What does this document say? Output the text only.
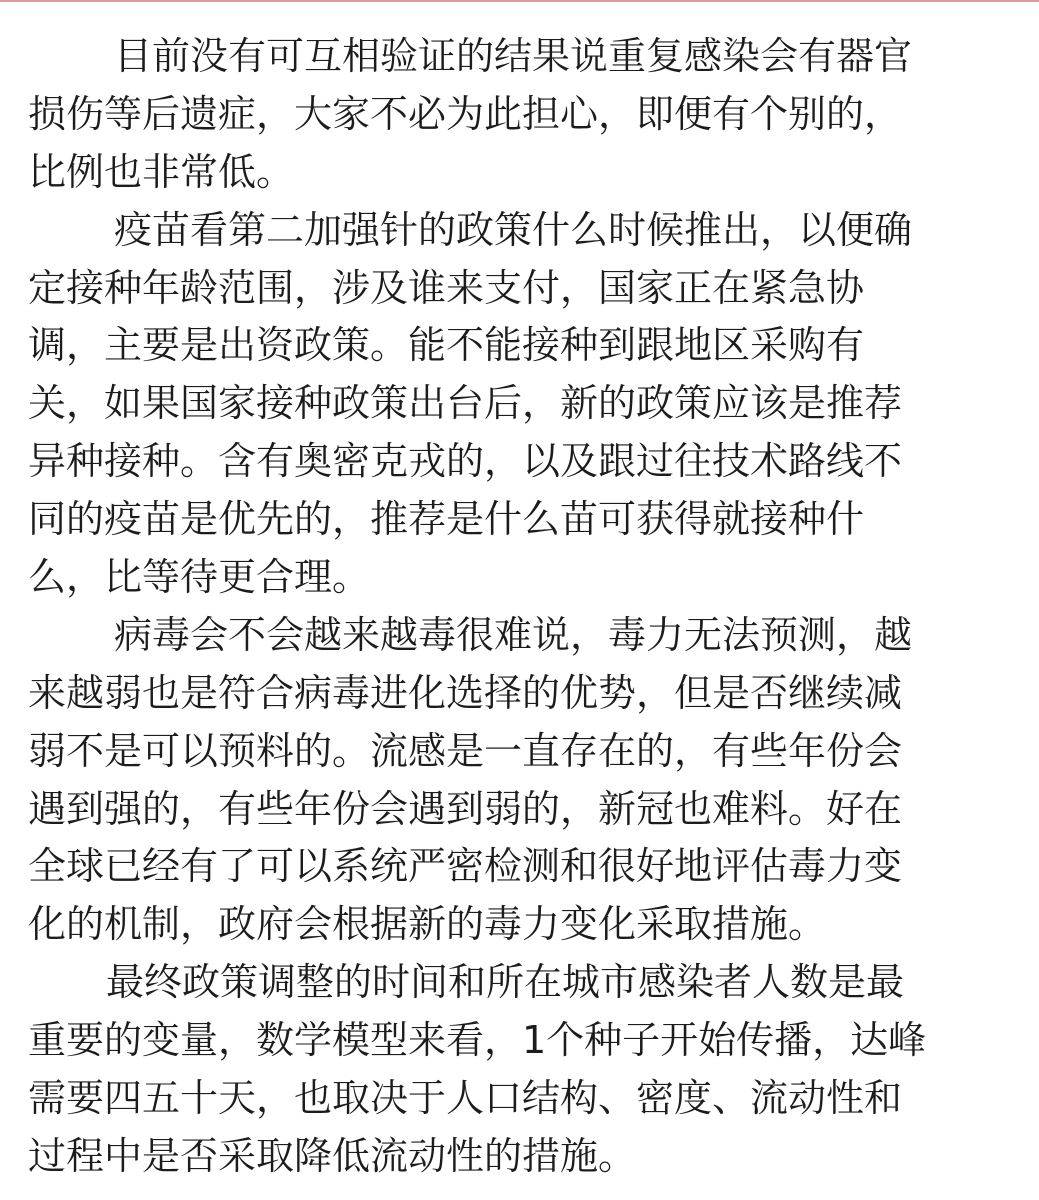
目前没有可互相验证的结果说重复感染会有器官
损伤等后遗症，大家不必为此担心，即便有个别的，
比例也非常低。
疫苗看第二加强针的政策什么时候推出，以便确
定接种年龄范围，涉及谁来支付，国家正在紧急协
调，主要是出资政策。能不能接种到跟地区采购有
关，如果国家接种政策出台后，新的政策应该是推荐
异种接种。含有奥密克戎的，以及跟过往技术路线不
同的疫苗是优先的，推荐是什么苗可获得就接种什
么，比等待更合理。
病毒会不会越来越毒很难说，毒力无法预测，越
来越弱也是符合病毒进化选择的优势，但是否继续减
弱不是可以预料的。流感是一直存在的，有些年份会
遇到强的，有些年份会遇到弱的，新冠也难料。好在
全球已经有了可以系统严密检测和很好地评估毒力变
化的机制，政府会根据新的毒力变化采取措施。
最终政策调整的时间和所在城市感染者人数是最
重要的变量，数学模型来看，1个种子开始传播，达峰
需要四五十天，也取决于人口结构、密度、流动性和
过程中是否采取降低流动性的措施。
